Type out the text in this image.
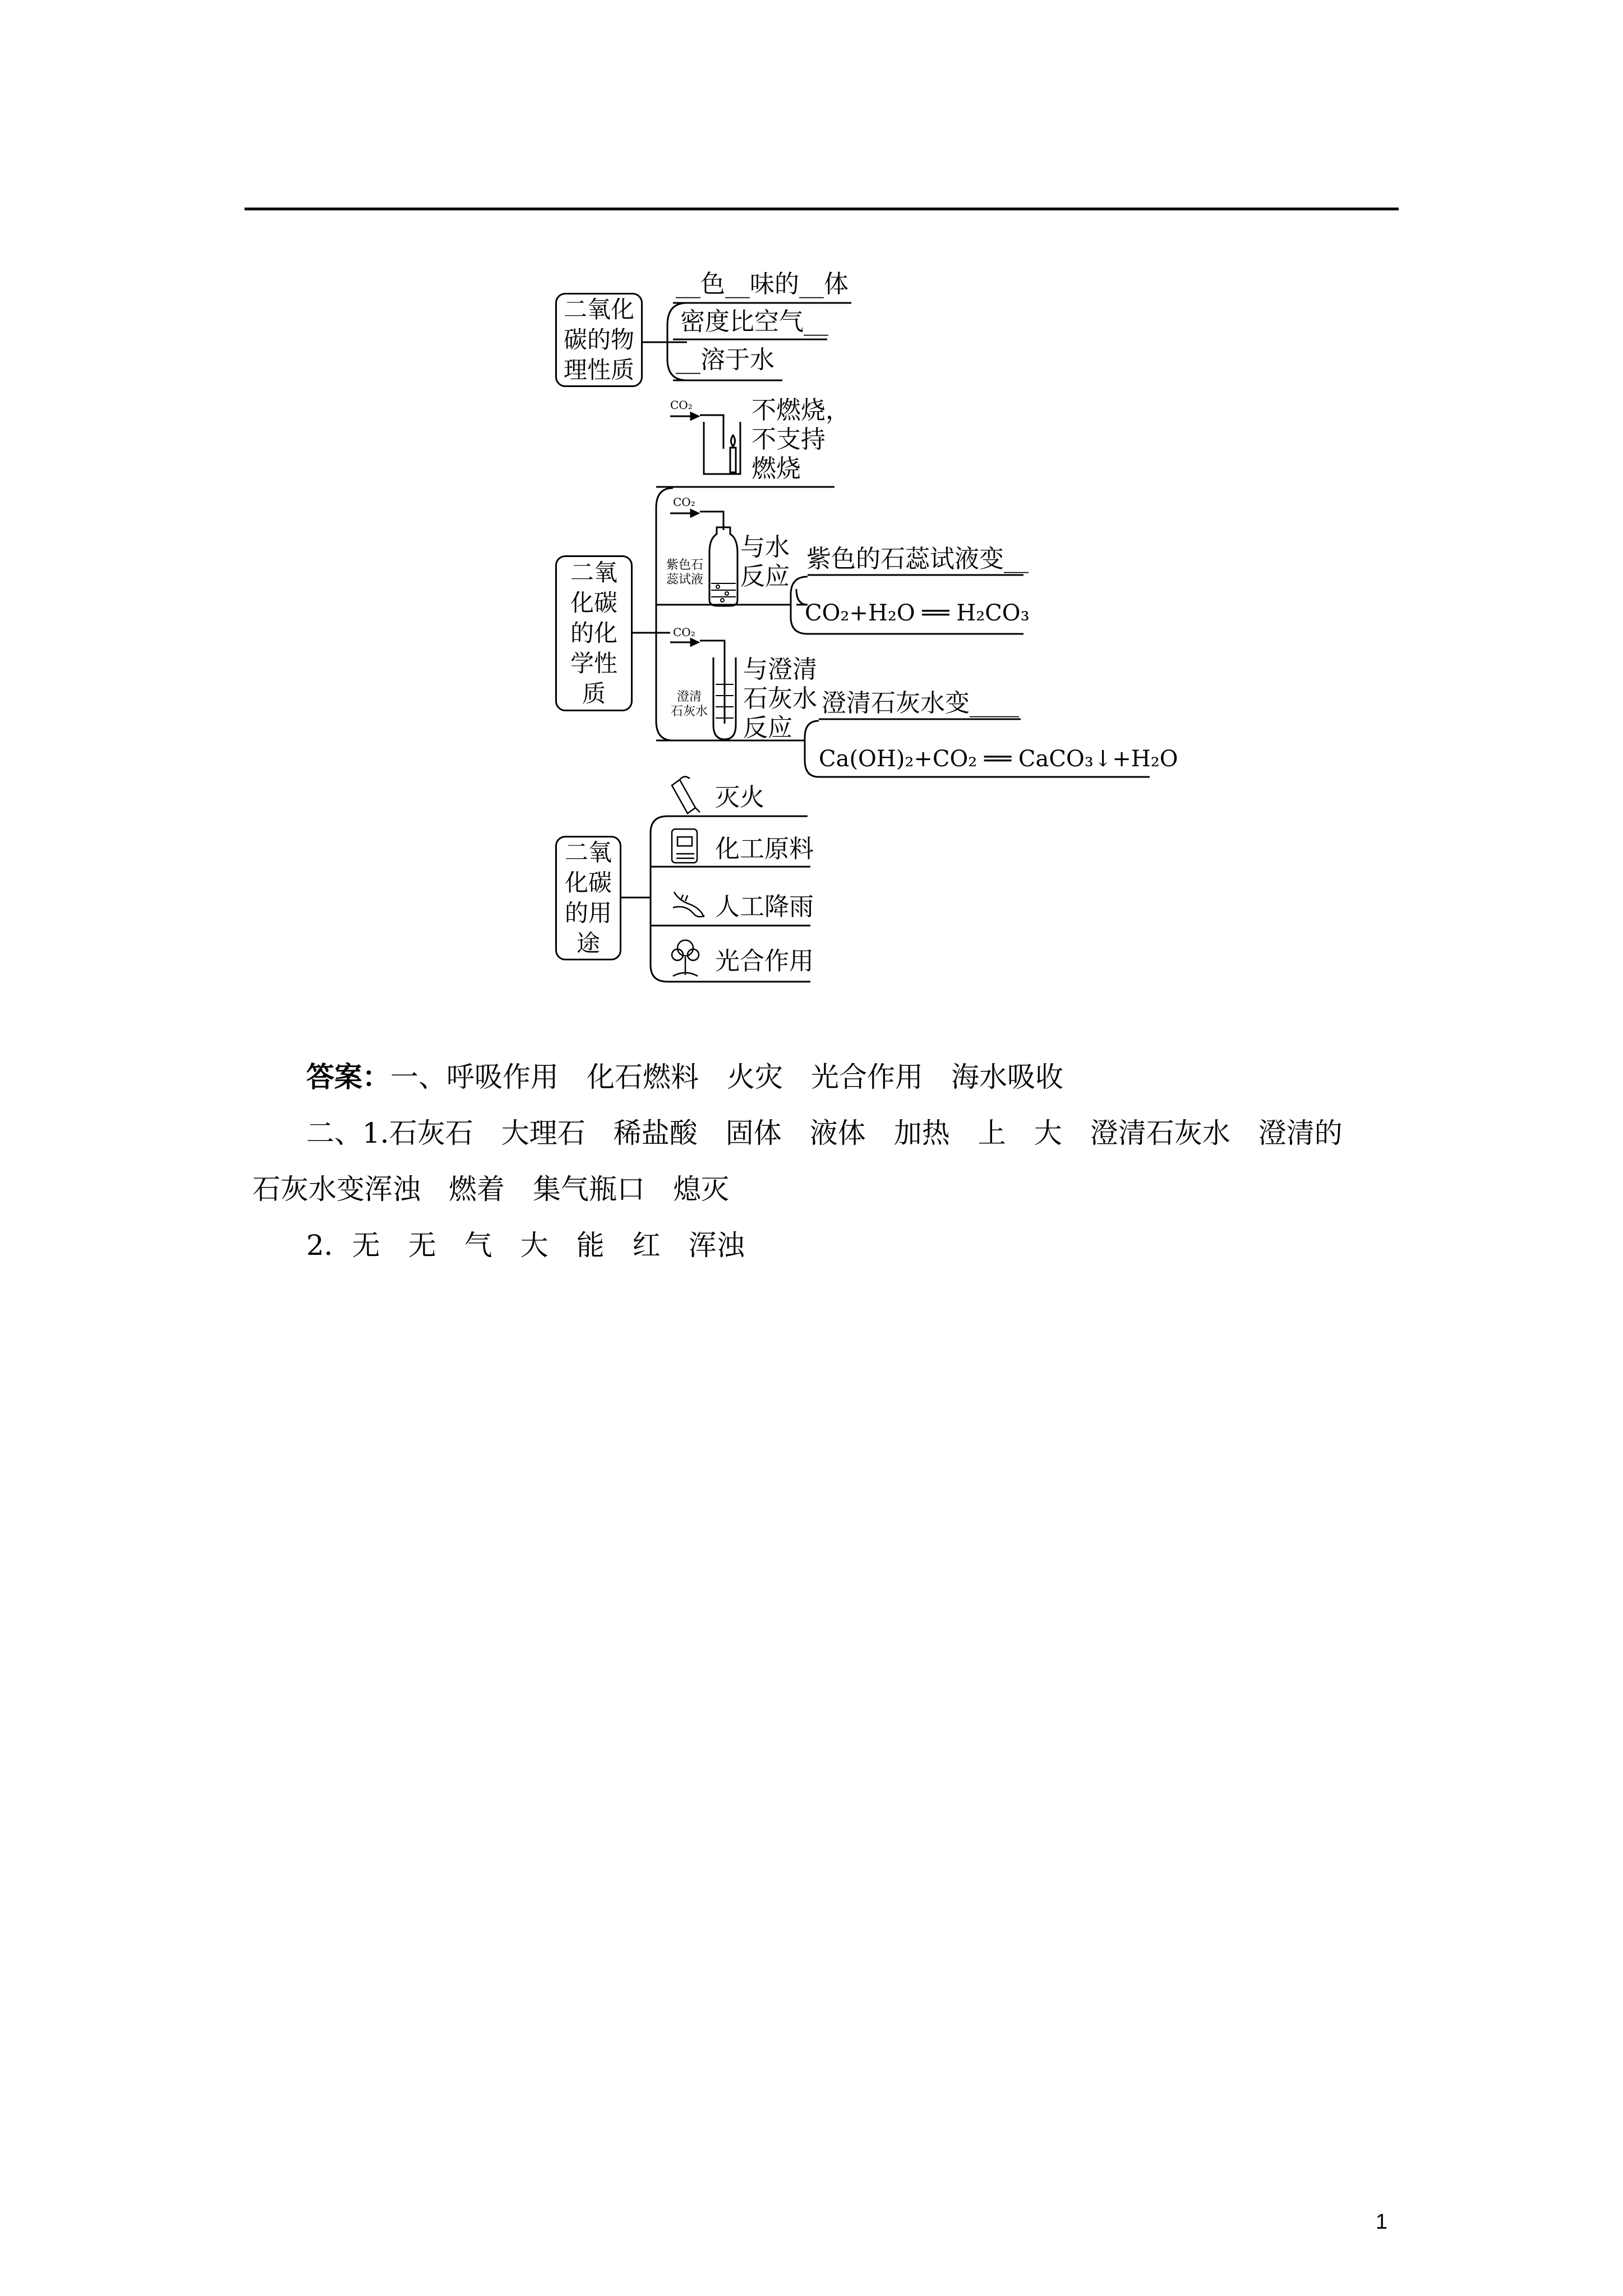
二氧化
碳的物
理性质
__色__味的__体
密度比空气__
__溶于水
二氧
化碳
的化
学性
质
CO₂ 不燃烧，
不支持
燃烧
CO₂
紫色石
蕊试液
与水
反应
紫色的石蕊试液变__
CO₂+H₂O ══ H₂CO₃
CO₂
澄清
石灰水
与澄清
石灰水
反应
澄清石灰水变____
Ca(OH)₂+CO₂ ══ CaCO₃↓+H₂O
二氧
化碳
的用
途
灭火
化工原料
人工降雨
光合作用

答案：一、呼吸作用　化石燃料　火灾　光合作用　海水吸收

二、1.石灰石　大理石　稀盐酸　固体　液体　加热　上　大　澄清石灰水　澄清的

石灰水变浑浊　燃着　集气瓶口　熄灭

2．无　无　气　大　能　红　浑浊

1
